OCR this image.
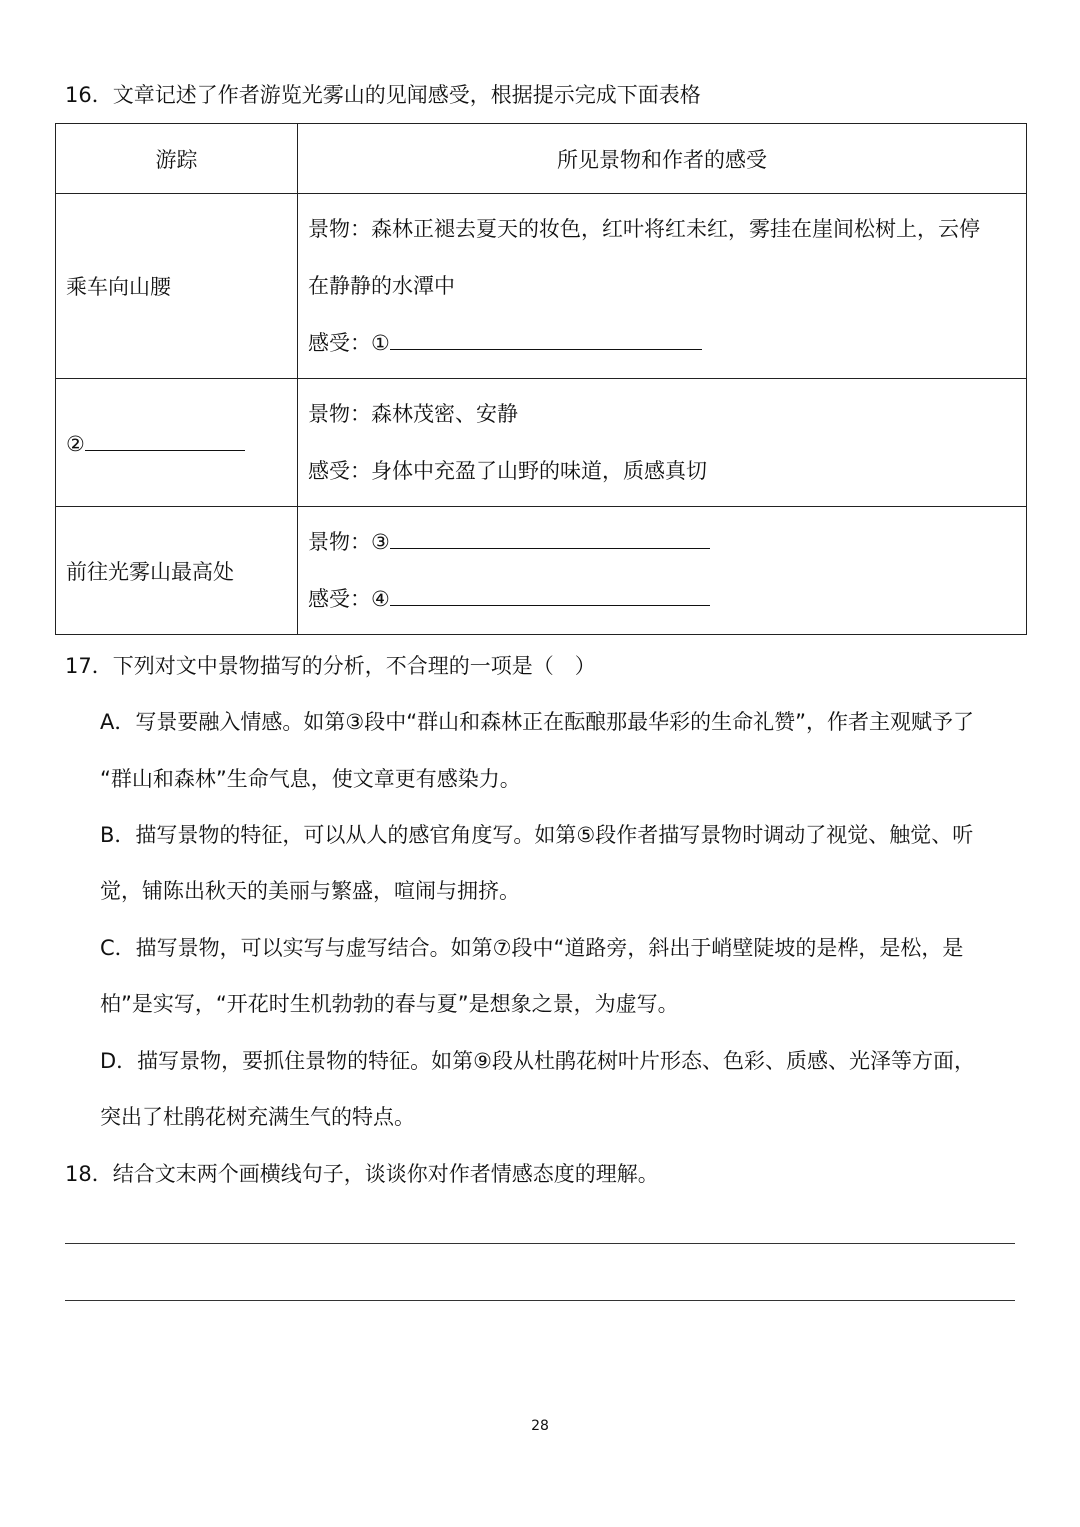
16．文章记述了作者游览光雾山的见闻感受，根据提示完成下面表格
游踪	所见景物和作者的感受
乘车向山腰	景物：森林正褪去夏天的妆色，红叶将红未红，雾挂在崖间松树上，云停
在静静的水潭中
感受：①

②	景物：森林茂密、安静
感受：身体中充盈了山野的味道，质感真切

前往光雾山最高处	景物：③
感受：④
17．下列对文中景物描写的分析，不合理的一项是（　）
A．写景要融入情感。如第③段中“群山和森林正在酝酿那最华彩的生命礼赞”，作者主观赋予了
“群山和森林”生命气息，使文章更有感染力。
B．描写景物的特征，可以从人的感官角度写。如第⑤段作者描写景物时调动了视觉、触觉、听
觉，铺陈出秋天的美丽与繁盛，喧闹与拥挤。
C．描写景物，可以实写与虚写结合。如第⑦段中“道路旁，斜出于峭壁陡坡的是桦，是松，是
柏”是实写，“开花时生机勃勃的春与夏”是想象之景，为虚写。
D．描写景物，要抓住景物的特征。如第⑨段从杜鹃花树叶片形态、色彩、质感、光泽等方面，
突出了杜鹃花树充满生气的特点。
18．结合文末两个画横线句子，谈谈你对作者情感态度的理解。
28
